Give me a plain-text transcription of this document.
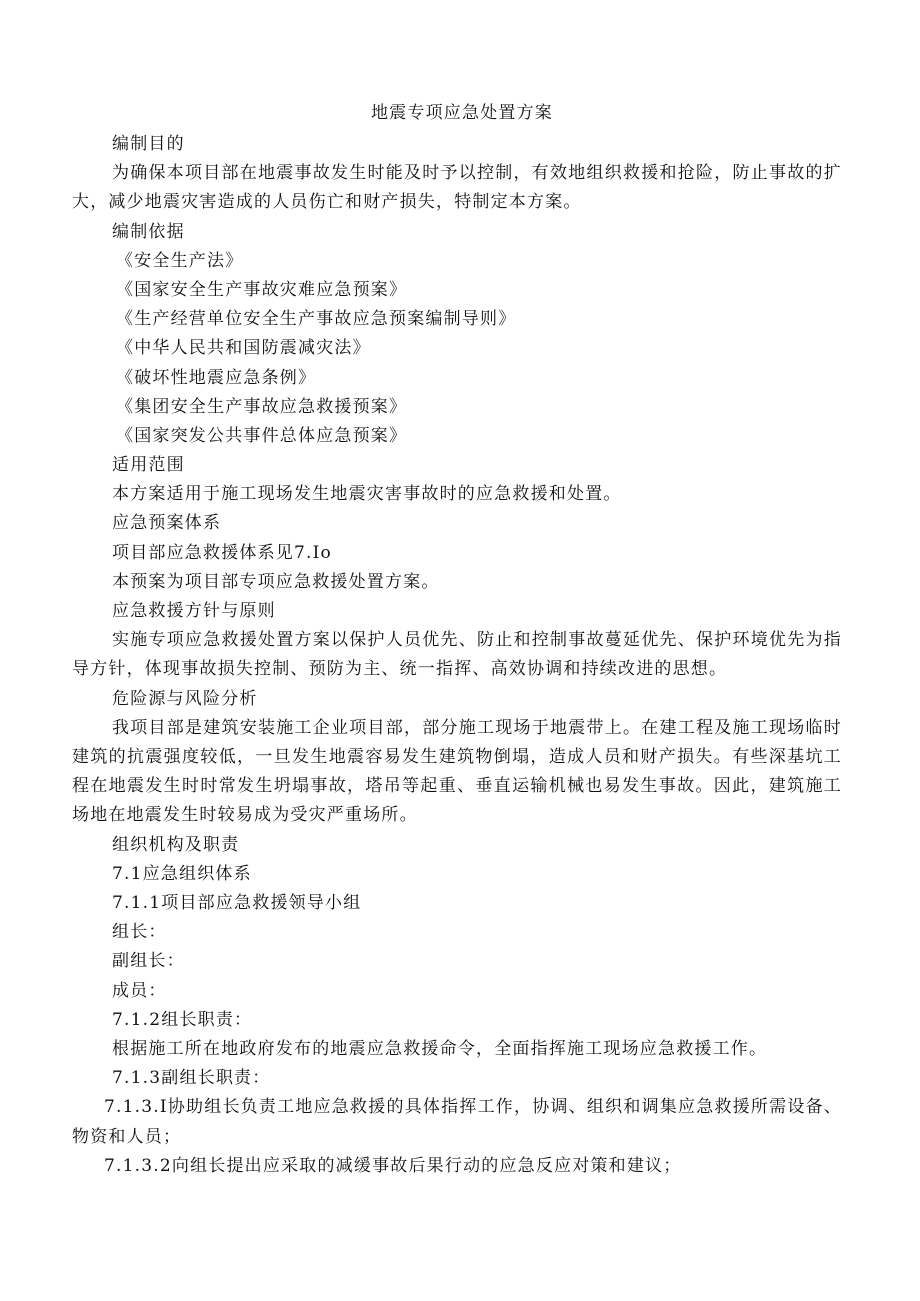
地震专项应急处置方案

编制目的

为确保本项目部在地震事故发生时能及时予以控制，有效地组织救援和抢险，防止事故的扩大，减少地震灾害造成的人员伤亡和财产损失，特制定本方案。

编制依据

《安全生产法》

《国家安全生产事故灾难应急预案》

《生产经营单位安全生产事故应急预案编制导则》

《中华人民共和国防震减灾法》

《破坏性地震应急条例》

《集团安全生产事故应急救援预案》

《国家突发公共事件总体应急预案》

适用范围

本方案适用于施工现场发生地震灾害事故时的应急救援和处置。

应急预案体系

项目部应急救援体系见7.Io

本预案为项目部专项应急救援处置方案。

应急救援方针与原则

实施专项应急救援处置方案以保护人员优先、防止和控制事故蔓延优先、保护环境优先为指导方针，体现事故损失控制、预防为主、统一指挥、高效协调和持续改进的思想。

危险源与风险分析

我项目部是建筑安装施工企业项目部，部分施工现场于地震带上。在建工程及施工现场临时建筑的抗震强度较低，一旦发生地震容易发生建筑物倒塌，造成人员和财产损失。有些深基坑工程在地震发生时时常发生坍塌事故，塔吊等起重、垂直运输机械也易发生事故。因此，建筑施工场地在地震发生时较易成为受灾严重场所。

组织机构及职责

7.1应急组织体系

7.1.1项目部应急救援领导小组

组长：

副组长：

成员：

7.1.2组长职责：

根据施工所在地政府发布的地震应急救援命令，全面指挥施工现场应急救援工作。

7.1.3副组长职责：

7.1.3.I协助组长负责工地应急救援的具体指挥工作，协调、组织和调集应急救援所需设备、物资和人员；

7.1.3.2向组长提出应采取的减缓事故后果行动的应急反应对策和建议；
